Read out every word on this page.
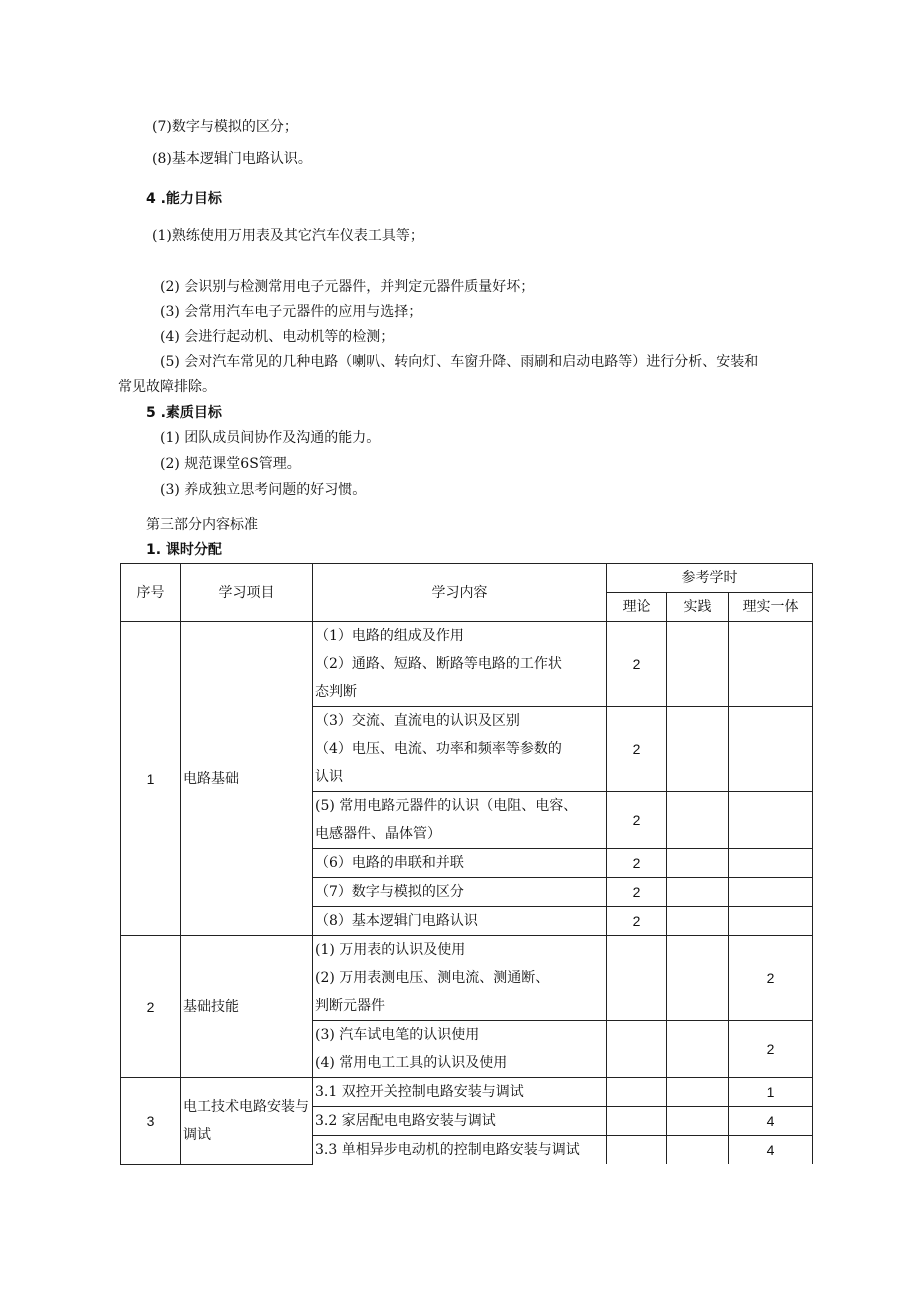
(7)数字与模拟的区分；
(8)基本逻辑门电路认识。
4 .能力目标
(1)熟练使用万用表及其它汽车仪表工具等；
(2) 会识别与检测常用电子元器件，并判定元器件质量好坏；
(3) 会常用汽车电子元器件的应用与选择；
(4) 会进行起动机、电动机等的检测；
(5) 会对汽车常见的几种电路（喇叭、转向灯、车窗升降、雨刷和启动电路等）进行分析、安装和
常见故障排除。
5 .素质目标
(1) 团队成员间协作及沟通的能力。
(2) 规范课堂6S管理。
(3) 养成独立思考问题的好习惯。
第三部分内容标准
1. 课时分配
序号	学习项目	学习内容	参考学时		
			理论	实践	理实一体
1	电路基础	（1）电路的组成及作用
（2）通路、短路、断路等电路的工作状
态判断	2		

		（3）交流、直流电的认识及区别
（4）电压、电流、功率和频率等参数的
认识	2		

		(5) 常用电路元器件的认识（电阻、电容、
电感器件、晶体管）	2		

		（6）电路的串联和并联	2		

		（7）数字与模拟的区分	2		

		（8）基本逻辑门电路认识	2		
2	基础技能	(1) 万用表的认识及使用
(2) 万用表测电压、测电流、测通断、
判断元器件			2

		(3) 汽车试电笔的认识使用
(4) 常用电工工具的认识及使用			2
3	电工技术电路安装与调试	3.1 双控开关控制电路安装与调试			1

		3.2 家居配电电路安装与调试			4

		3.3 单相异步电动机的控制电路安装与调试			4
